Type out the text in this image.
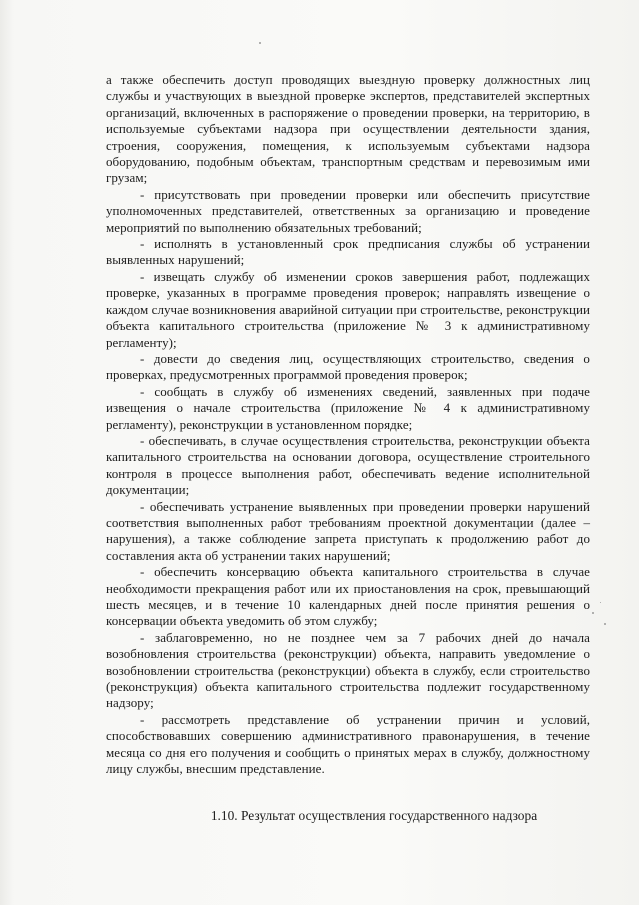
а также обеспечить доступ проводящих выездную проверку должностных лиц службы и участвующих в выездной проверке экспертов, представителей экспертных организаций, включенных в распоряжение о проведении проверки, на территорию, в используемые субъектами надзора при осуществлении деятельности здания, строения, сооружения, помещения, к используемым субъектами надзора оборудованию, подобным объектам, транспортным средствам и перевозимым ими грузам;

- присутствовать при проведении проверки или обеспечить присутствие уполномоченных представителей, ответственных за организацию и проведение мероприятий по выполнению обязательных требований;

- исполнять в установленный срок предписания службы об устранении выявленных нарушений;

- извещать службу об изменении сроков завершения работ, подлежащих проверке, указанных в программе проведения проверок; направлять извещение о каждом случае возникновения аварийной ситуации при строительстве, реконструкции объекта капитального строительства (приложение № 3 к административному регламенту);

- довести до сведения лиц, осуществляющих строительство, сведения о проверках, предусмотренных программой проведения проверок;

- сообщать в службу об изменениях сведений, заявленных при подаче извещения о начале строительства (приложение № 4 к административному регламенту), реконструкции в установленном порядке;

- обеспечивать, в случае осуществления строительства, реконструкции объекта капитального строительства на основании договора, осуществление строительного контроля в процессе выполнения работ, обеспечивать ведение исполнительной документации;

- обеспечивать устранение выявленных при проведении проверки нарушений соответствия выполненных работ требованиям проектной документации (далее – нарушения), а также соблюдение запрета приступать к продолжению работ до составления акта об устранении таких нарушений;

- обеспечить консервацию объекта капитального строительства в случае необходимости прекращения работ или их приостановления на срок, превышающий шесть месяцев, и в течение 10 календарных дней после принятия решения о консервации объекта уведомить об этом службу;

- заблаговременно, но не позднее чем за 7 рабочих дней до начала возобновления строительства (реконструкции) объекта, направить уведомление о возобновлении строительства (реконструкции) объекта в службу, если строительство (реконструкция) объекта капитального строительства подлежит государственному надзору;

- рассмотреть представление об устранении причин и условий, способствовавших совершению административного правонарушения, в течение месяца со дня его получения и сообщить о принятых мерах в службу, должностному лицу службы, внесшим представление.

1.10. Результат осуществления государственного надзора
